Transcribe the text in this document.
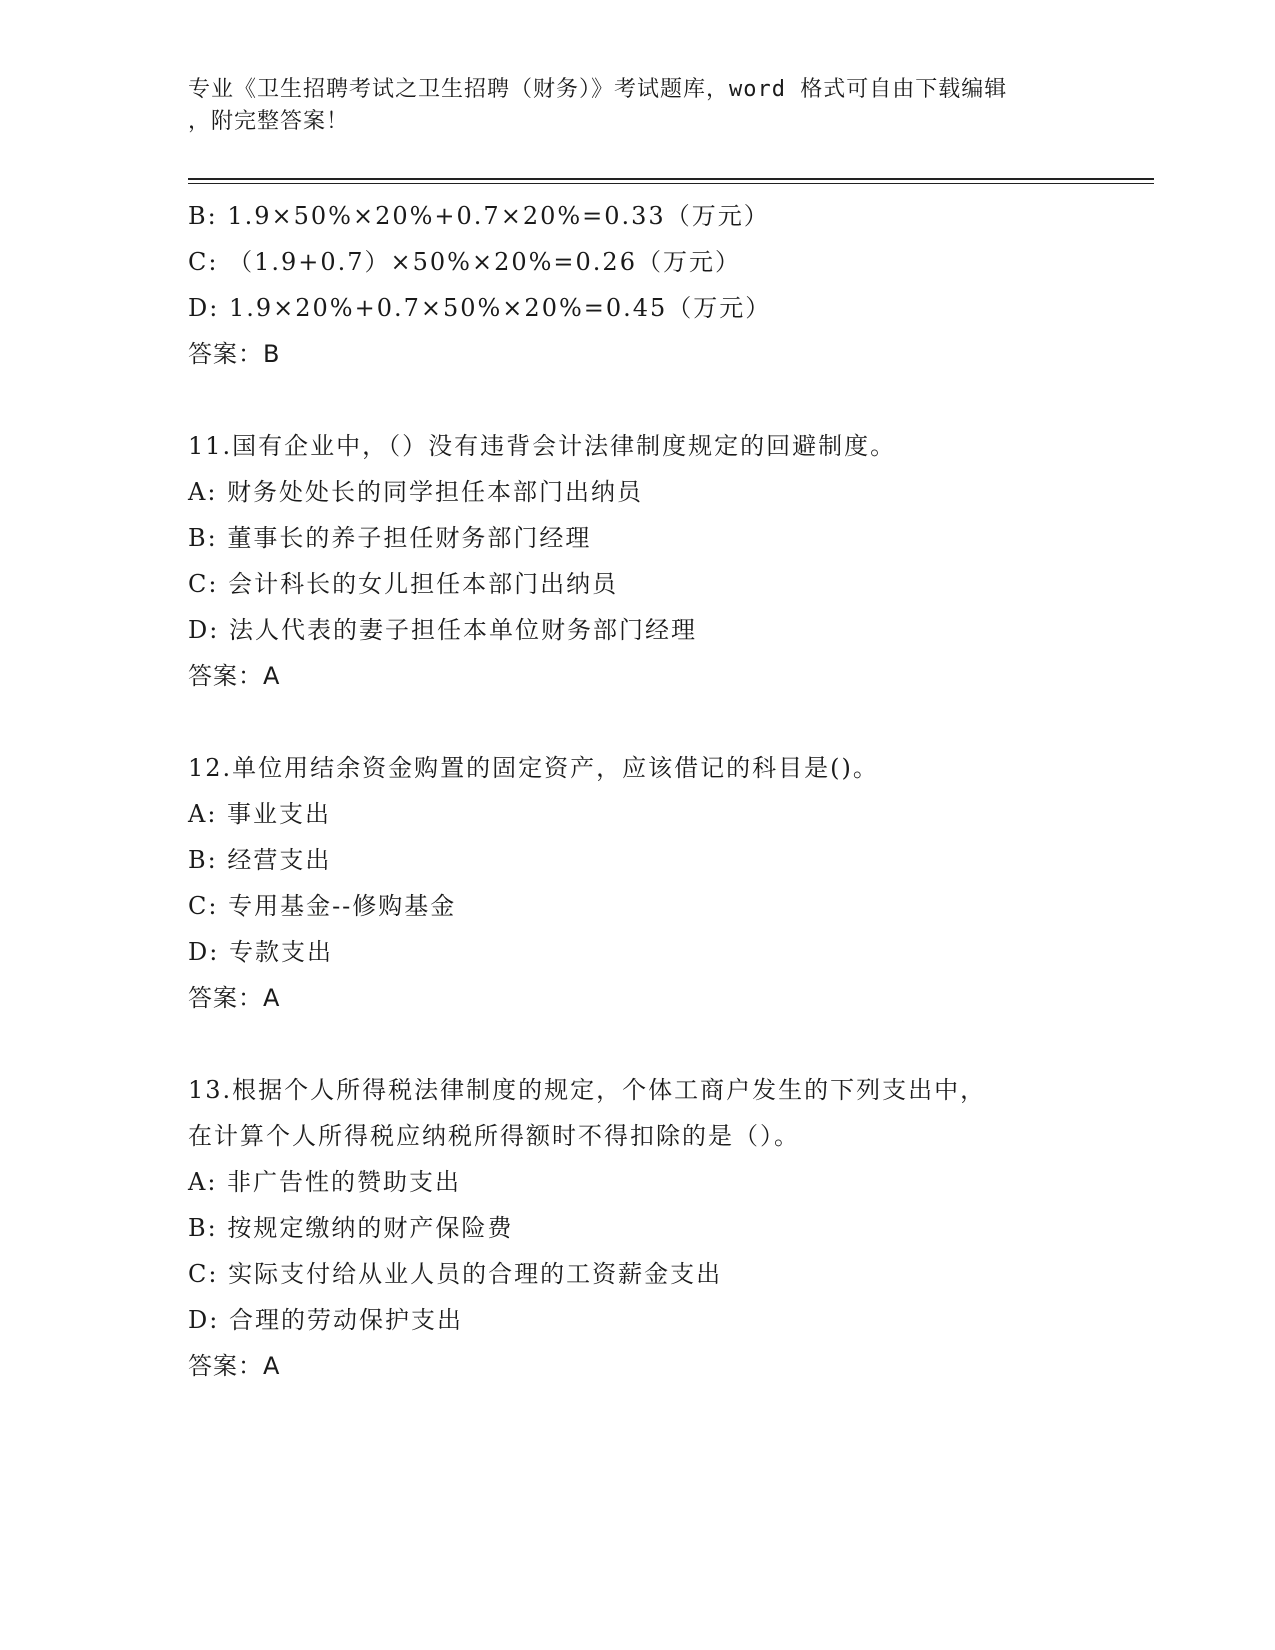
专业《卫生招聘考试之卫生招聘（财务）》考试题库，word 格式可自由下载编辑
，附完整答案！
B: 1.9×50%×20%+0.7×20%=0.33（万元）
C: （1.9+0.7）×50%×20%=0.26（万元）
D: 1.9×20%+0.7×50%×20%=0.45（万元）
答案：B
11.国有企业中，（）没有违背会计法律制度规定的回避制度。
A: 财务处处长的同学担任本部门出纳员
B: 董事长的养子担任财务部门经理
C: 会计科长的女儿担任本部门出纳员
D: 法人代表的妻子担任本单位财务部门经理
答案：A
12.单位用结余资金购置的固定资产，应该借记的科目是()。
A: 事业支出
B: 经营支出
C: 专用基金--修购基金
D: 专款支出
答案：A
13.根据个人所得税法律制度的规定，个体工商户发生的下列支出中，
在计算个人所得税应纳税所得额时不得扣除的是（）。
A: 非广告性的赞助支出
B: 按规定缴纳的财产保险费
C: 实际支付给从业人员的合理的工资薪金支出
D: 合理的劳动保护支出
答案：A
